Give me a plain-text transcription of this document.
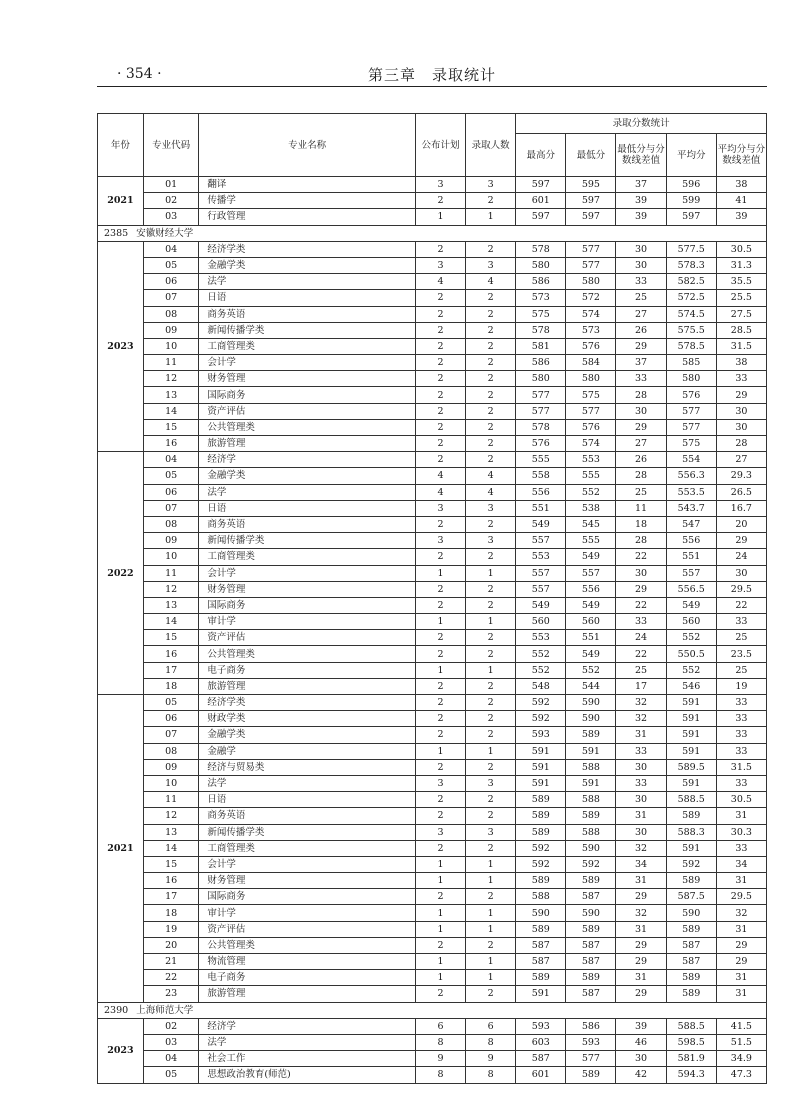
· 354 ·	第三章　录取统计
年份	专业代码	专业名称	公布计划	录取人数	录取分数统计				
					最高分	最低分	最低分与分数线差值	平均分	平均分与分数线差值
2021	01	翻译	3	3	597	595	37	596	38
	02	传播学	2	2	601	597	39	599	41
	03	行政管理	1	1	597	597	39	597	39
2385 安徽财经大学									
2023	04	经济学类	2	2	578	577	30	577.5	30.5
	05	金融学类	3	3	580	577	30	578.3	31.3
	06	法学	4	4	586	580	33	582.5	35.5
	07	日语	2	2	573	572	25	572.5	25.5
	08	商务英语	2	2	575	574	27	574.5	27.5
	09	新闻传播学类	2	2	578	573	26	575.5	28.5
	10	工商管理类	2	2	581	576	29	578.5	31.5
	11	会计学	2	2	586	584	37	585	38
	12	财务管理	2	2	580	580	33	580	33
	13	国际商务	2	2	577	575	28	576	29
	14	资产评估	2	2	577	577	30	577	30
	15	公共管理类	2	2	578	576	29	577	30
	16	旅游管理	2	2	576	574	27	575	28
2022	04	经济学	2	2	555	553	26	554	27
	05	金融学类	4	4	558	555	28	556.3	29.3
	06	法学	4	4	556	552	25	553.5	26.5
	07	日语	3	3	551	538	11	543.7	16.7
	08	商务英语	2	2	549	545	18	547	20
	09	新闻传播学类	3	3	557	555	28	556	29
	10	工商管理类	2	2	553	549	22	551	24
	11	会计学	1	1	557	557	30	557	30
	12	财务管理	2	2	557	556	29	556.5	29.5
	13	国际商务	2	2	549	549	22	549	22
	14	审计学	1	1	560	560	33	560	33
	15	资产评估	2	2	553	551	24	552	25
	16	公共管理类	2	2	552	549	22	550.5	23.5
	17	电子商务	1	1	552	552	25	552	25
	18	旅游管理	2	2	548	544	17	546	19
2021	05	经济学类	2	2	592	590	32	591	33
	06	财政学类	2	2	592	590	32	591	33
	07	金融学类	2	2	593	589	31	591	33
	08	金融学	1	1	591	591	33	591	33
	09	经济与贸易类	2	2	591	588	30	589.5	31.5
	10	法学	3	3	591	591	33	591	33
	11	日语	2	2	589	588	30	588.5	30.5
	12	商务英语	2	2	589	589	31	589	31
	13	新闻传播学类	3	3	589	588	30	588.3	30.3
	14	工商管理类	2	2	592	590	32	591	33
	15	会计学	1	1	592	592	34	592	34
	16	财务管理	1	1	589	589	31	589	31
	17	国际商务	2	2	588	587	29	587.5	29.5
	18	审计学	1	1	590	590	32	590	32
	19	资产评估	1	1	589	589	31	589	31
	20	公共管理类	2	2	587	587	29	587	29
	21	物流管理	1	1	587	587	29	587	29
	22	电子商务	1	1	589	589	31	589	31
	23	旅游管理	2	2	591	587	29	589	31
2390 上海师范大学									
2023	02	经济学	6	6	593	586	39	588.5	41.5
	03	法学	8	8	603	593	46	598.5	51.5
	04	社会工作	9	9	587	577	30	581.9	34.9
	05	思想政治教育(师范)	8	8	601	589	42	594.3	47.3
